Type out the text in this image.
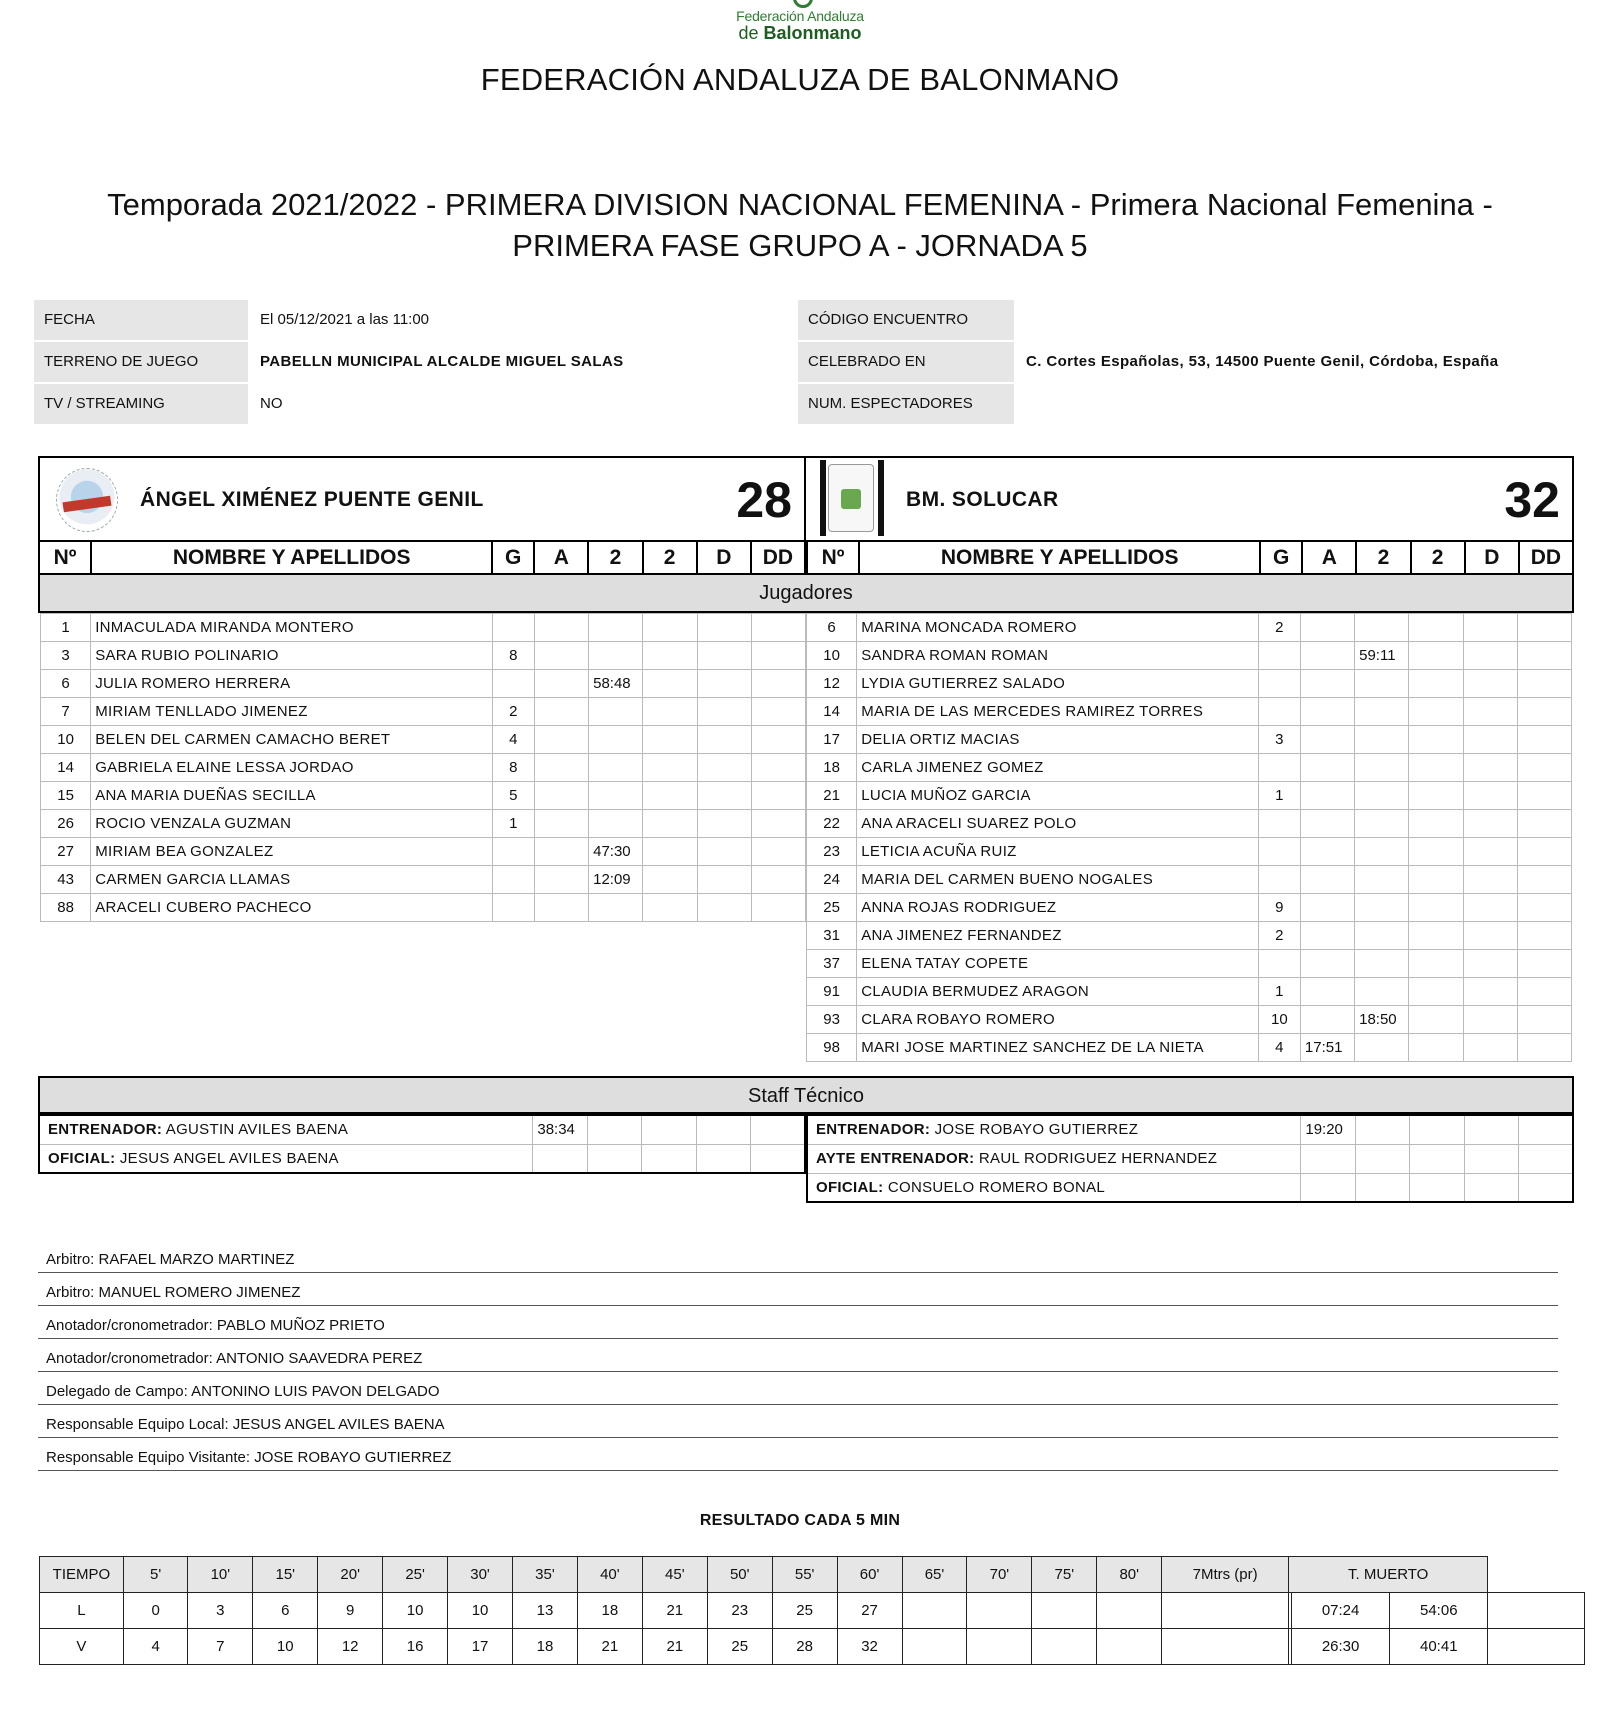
Federación Andaluza
de Balonmano
FEDERACIÓN ANDALUZA DE BALONMANO
Temporada 2021/2022 - PRIMERA DIVISION NACIONAL FEMENINA - Primera Nacional Femenina -
PRIMERA FASE GRUPO A - JORNADA 5
FECHA	El 05/12/2021 a las 11:00	CÓDIGO ENCUENTRO
TERRENO DE JUEGO	PABELLN MUNICIPAL ALCALDE MIGUEL SALAS	CELEBRADO EN	C. Cortes Españolas, 53, 14500 Puente Genil, Córdoba, España
TV / STREAMING	NO	NUM. ESPECTADORES
ÁNGEL XIMÉNEZ PUENTE GENIL	28	BM. SOLUCAR	32
Nº	NOMBRE Y APELLIDOS	G	A	2	2	D	DD Nº	NOMBRE Y APELLIDOS	G	A	2	2	D	DD
Jugadores
1	INMACULADA MIRANDA MONTERO						
3	SARA RUBIO POLINARIO	8					
6	JULIA ROMERO HERRERA			58:48			
7	MIRIAM TENLLADO JIMENEZ	2					
10	BELEN DEL CARMEN CAMACHO BERET	4					
14	GABRIELA ELAINE LESSA JORDAO	8					
15	ANA MARIA DUEÑAS SECILLA	5					
26	ROCIO VENZALA GUZMAN	1					
27	MIRIAM BEA GONZALEZ			47:30			
43	CARMEN GARCIA LLAMAS			12:09			
88	ARACELI CUBERO PACHECO						
6	MARINA MONCADA ROMERO	2					
10	SANDRA ROMAN ROMAN			59:11			
12	LYDIA GUTIERREZ SALADO						
14	MARIA DE LAS MERCEDES RAMIREZ TORRES						
17	DELIA ORTIZ MACIAS	3					
18	CARLA JIMENEZ GOMEZ						
21	LUCIA MUÑOZ GARCIA	1					
22	ANA ARACELI SUAREZ POLO						
23	LETICIA ACUÑA RUIZ						
24	MARIA DEL CARMEN BUENO NOGALES						
25	ANNA ROJAS RODRIGUEZ	9					
31	ANA JIMENEZ FERNANDEZ	2					
37	ELENA TATAY COPETE						
91	CLAUDIA BERMUDEZ ARAGON	1					
93	CLARA ROBAYO ROMERO	10		18:50			
98	MARI JOSE MARTINEZ SANCHEZ DE LA NIETA	4	17:51				
Staff Técnico
ENTRENADOR: AGUSTIN AVILES BAENA	38:34				
OFICIAL: JESUS ANGEL AVILES BAENA					
ENTRENADOR: JOSE ROBAYO GUTIERREZ	19:20				
AYTE ENTRENADOR: RAUL RODRIGUEZ HERNANDEZ					
OFICIAL: CONSUELO ROMERO BONAL					
Arbitro: RAFAEL MARZO MARTINEZ
Arbitro: MANUEL ROMERO JIMENEZ
Anotador/cronometrador: PABLO MUÑOZ PRIETO
Anotador/cronometrador: ANTONIO SAAVEDRA PEREZ
Delegado de Campo: ANTONINO LUIS PAVON DELGADO
Responsable Equipo Local: JESUS ANGEL AVILES BAENA
Responsable Equipo Visitante: JOSE ROBAYO GUTIERREZ
RESULTADO CADA 5 MIN
TIEMPO	5'	10'	15'	20'	25'	30'	35'	40'	45'	50'	55'	60'	65'	70'	75'	80'	7Mtrs (pr)	T. MUERTO			
L	0	3	6	9	10	10	13	18	21	23	25	27							07:24	54:06	
V	4	7	10	12	16	17	18	21	21	25	28	32							26:30	40:41	
